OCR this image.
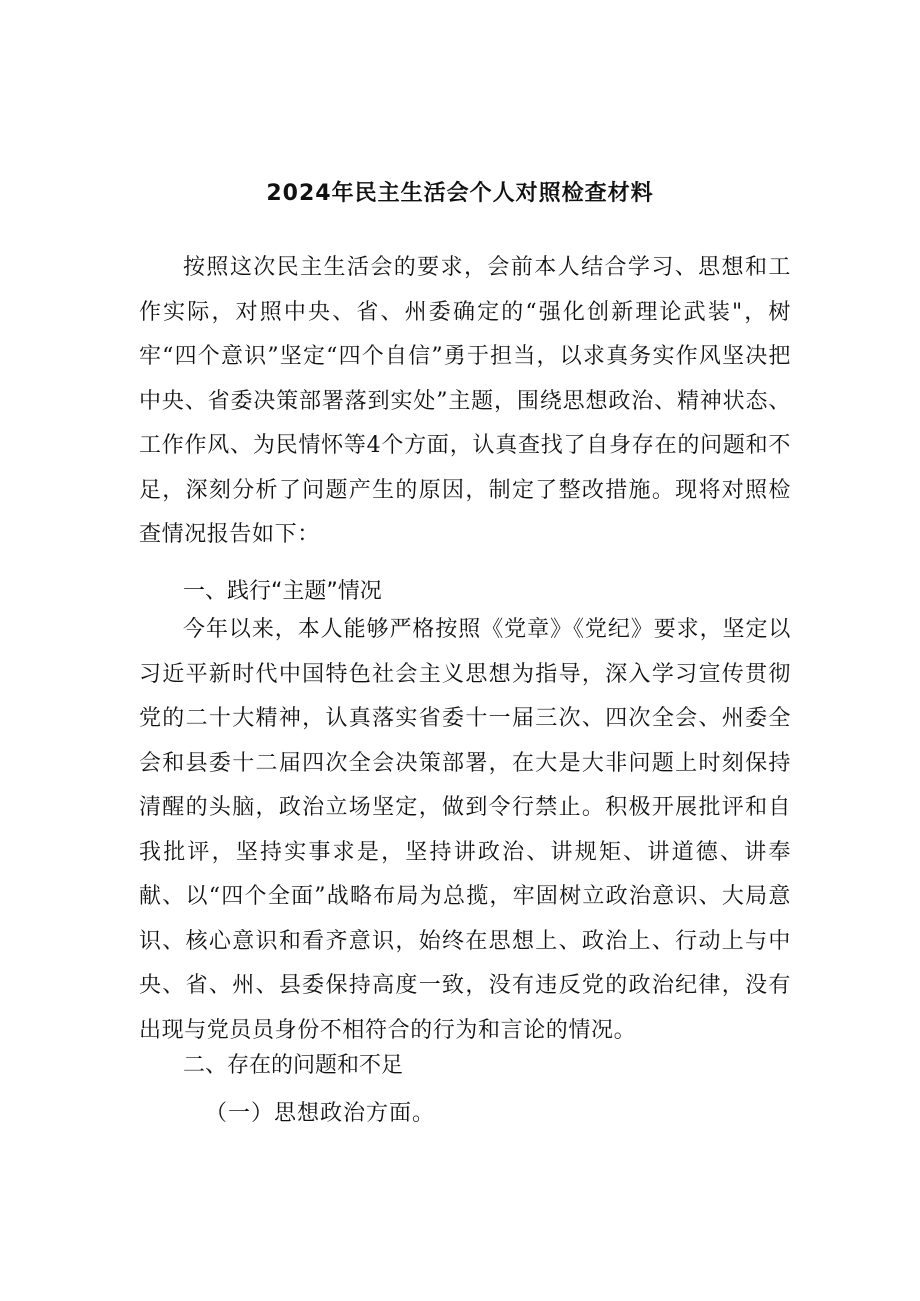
2024年民主生活会个人对照检查材料

按照这次民主生活会的要求，会前本人结合学习、思想和工作实际，对照中央、省、州委确定的“强化创新理论武装"，树牢“四个意识”坚定“四个自信”勇于担当，以求真务实作风坚决把中央、省委决策部署落到实处”主题，围绕思想政治、精神状态、工作作风、为民情怀等4个方面，认真查找了自身存在的问题和不足，深刻分析了问题产生的原因，制定了整改措施。现将对照检查情况报告如下：

一、践行“主题”情况

今年以来，本人能够严格按照《党章》《党纪》要求，坚定以习近平新时代中国特色社会主义思想为指导，深入学习宣传贯彻党的二十大精神，认真落实省委十一届三次、四次全会、州委全会和县委十二届四次全会决策部署，在大是大非问题上时刻保持清醒的头脑，政治立场坚定，做到令行禁止。积极开展批评和自我批评，坚持实事求是，坚持讲政治、讲规矩、讲道德、讲奉献、以“四个全面”战略布局为总揽，牢固树立政治意识、大局意识、核心意识和看齐意识，始终在思想上、政治上、行动上与中央、省、州、县委保持高度一致，没有违反党的政治纪律，没有出现与党员员身份不相符合的行为和言论的情况。

二、存在的问题和不足
（一）思想政治方面。
